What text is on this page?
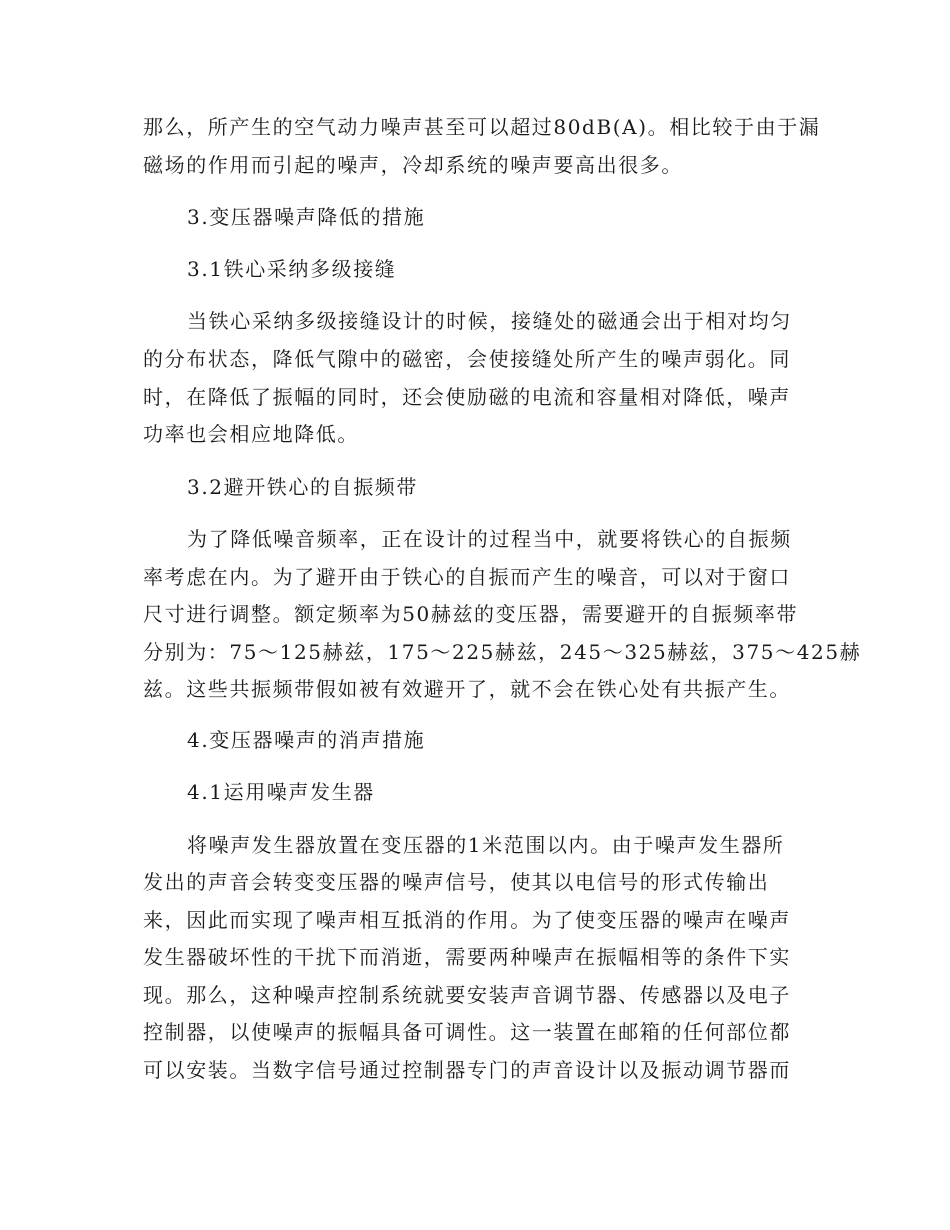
那么，所产生的空气动力噪声甚至可以超过80dB(A)。相比较于由于漏
磁场的作用而引起的噪声，冷却系统的噪声要高出很多。
3.变压器噪声降低的措施
3.1铁心采纳多级接缝
当铁心采纳多级接缝设计的时候，接缝处的磁通会出于相对均匀
的分布状态，降低气隙中的磁密，会使接缝处所产生的噪声弱化。同
时，在降低了振幅的同时，还会使励磁的电流和容量相对降低，噪声
功率也会相应地降低。
3.2避开铁心的自振频带
为了降低噪音频率，正在设计的过程当中，就要将铁心的自振频
率考虑在内。为了避开由于铁心的自振而产生的噪音，可以对于窗口
尺寸进行调整。额定频率为50赫兹的变压器，需要避开的自振频率带
分别为：75～125赫兹，175～225赫兹，245～325赫兹，375～425赫
兹。这些共振频带假如被有效避开了，就不会在铁心处有共振产生。
4.变压器噪声的消声措施
4.1运用噪声发生器
将噪声发生器放置在变压器的1米范围以内。由于噪声发生器所
发出的声音会转变变压器的噪声信号，使其以电信号的形式传输出
来，因此而实现了噪声相互抵消的作用。为了使变压器的噪声在噪声
发生器破坏性的干扰下而消逝，需要两种噪声在振幅相等的条件下实
现。那么，这种噪声控制系统就要安装声音调节器、传感器以及电子
控制器，以使噪声的振幅具备可调性。这一装置在邮箱的任何部位都
可以安装。当数字信号通过控制器专门的声音设计以及振动调节器而
